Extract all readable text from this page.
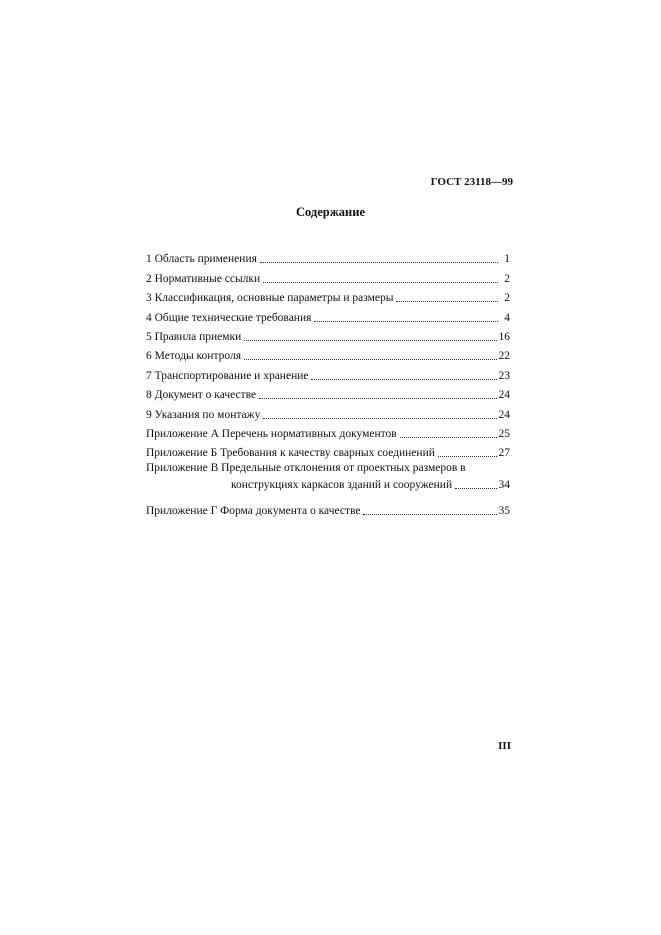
ГОСТ 23118—99
Содержание
1 Область применения	1
2 Нормативные ссылки	2
3 Классификация, основные параметры и размеры	2
4 Общие технические требования	4
5 Правила приемки	16
6 Методы контроля	22
7 Транспортирование и хранение	23
8 Документ о качестве	24
9 Указания по монтажу	24
Приложение А Перечень нормативных документов	25
Приложение Б Требования к качеству сварных соединений	27
Приложение В Предельные отклонения от проектных размеров в
конструкциях каркасов зданий и сооружений	34
Приложение Г Форма документа о качестве	35
III
